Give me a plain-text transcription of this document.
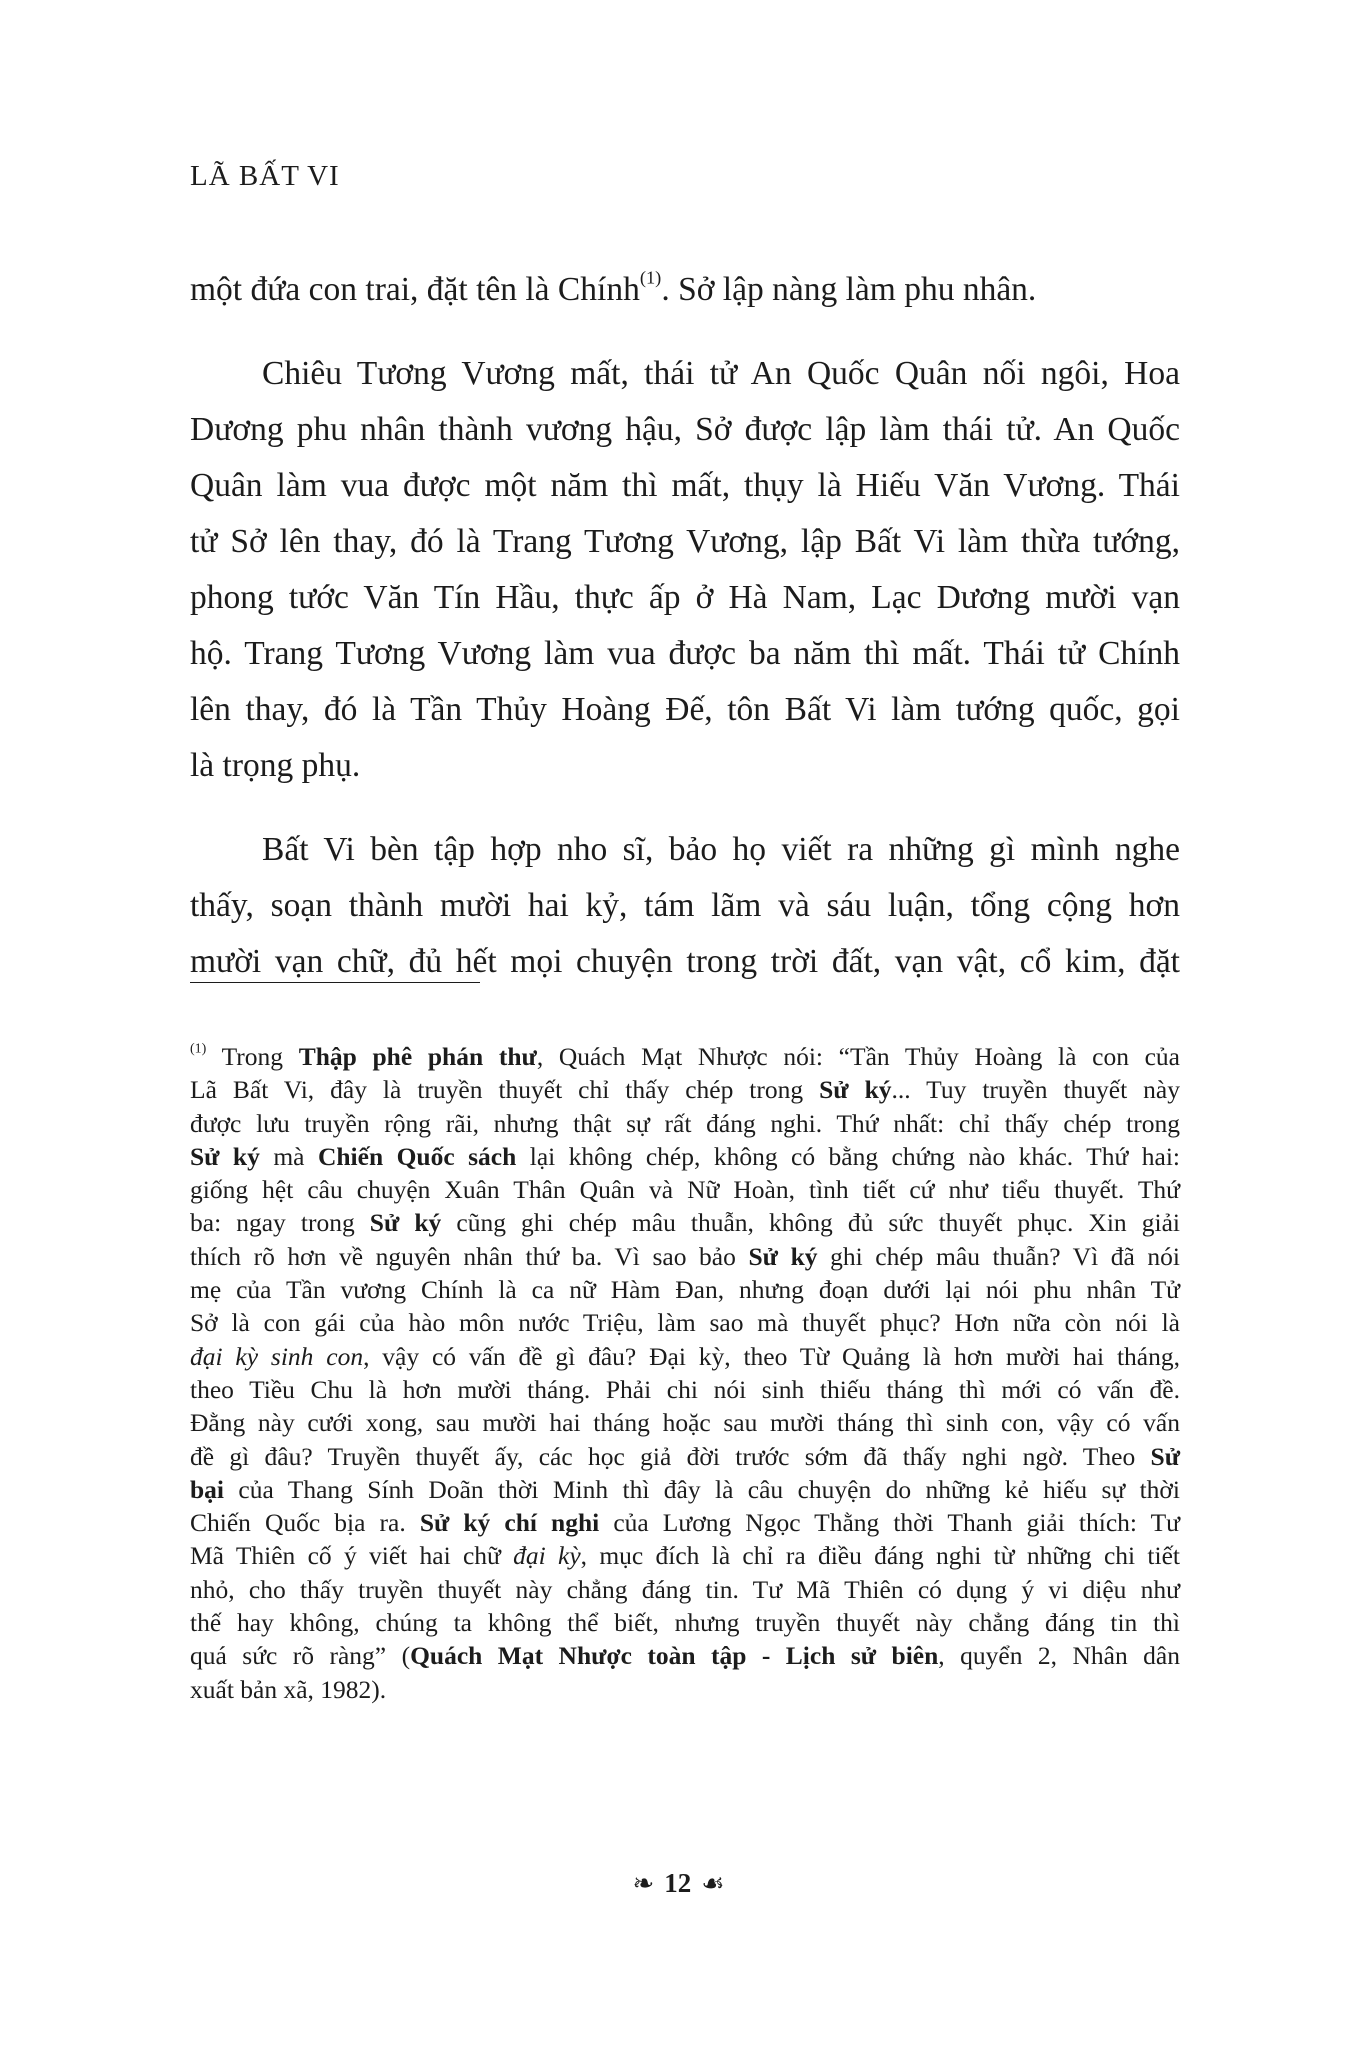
LÃ BẤT VI
một đứa con trai, đặt tên là Chính$^{(1)}$. Sở lập nàng làm phu nhân.
Chiêu Tương Vương mất, thái tử An Quốc Quân nối ngôi, Hoa
Dương phu nhân thành vương hậu, Sở được lập làm thái tử. An Quốc
Quân làm vua được một năm thì mất, thụy là Hiếu Văn Vương. Thái
tử Sở lên thay, đó là Trang Tương Vương, lập Bất Vi làm thừa tướng,
phong tước Văn Tín Hầu, thực ấp ở Hà Nam, Lạc Dương mười vạn
hộ. Trang Tương Vương làm vua được ba năm thì mất. Thái tử Chính
lên thay, đó là Tần Thủy Hoàng Đế, tôn Bất Vi làm tướng quốc, gọi
là trọng phụ.
Bất Vi bèn tập hợp nho sĩ, bảo họ viết ra những gì mình nghe
thấy, soạn thành mười hai kỷ, tám lãm và sáu luận, tổng cộng hơn
mười vạn chữ, đủ hết mọi chuyện trong trời đất, vạn vật, cổ kim, đặt
$^{(1)}$ Trong Thập phê phán thư, Quách Mạt Nhược nói: “Tần Thủy Hoàng là con của
Lã Bất Vi, đây là truyền thuyết chỉ thấy chép trong Sử ký... Tuy truyền thuyết này
được lưu truyền rộng rãi, nhưng thật sự rất đáng nghi. Thứ nhất: chỉ thấy chép trong
Sử ký mà Chiến Quốc sách lại không chép, không có bằng chứng nào khác. Thứ hai:
giống hệt câu chuyện Xuân Thân Quân và Nữ Hoàn, tình tiết cứ như tiểu thuyết. Thứ
ba: ngay trong Sử ký cũng ghi chép mâu thuẫn, không đủ sức thuyết phục. Xin giải
thích rõ hơn về nguyên nhân thứ ba. Vì sao bảo Sử ký ghi chép mâu thuẫn? Vì đã nói
mẹ của Tần vương Chính là ca nữ Hàm Đan, nhưng đoạn dưới lại nói phu nhân Tử
Sở là con gái của hào môn nước Triệu, làm sao mà thuyết phục? Hơn nữa còn nói là
đại kỳ sinh con, vậy có vấn đề gì đâu? Đại kỳ, theo Từ Quảng là hơn mười hai tháng,
theo Tiều Chu là hơn mười tháng. Phải chi nói sinh thiếu tháng thì mới có vấn đề.
Đằng này cưới xong, sau mười hai tháng hoặc sau mười tháng thì sinh con, vậy có vấn
đề gì đâu? Truyền thuyết ấy, các học giả đời trước sớm đã thấy nghi ngờ. Theo Sử
bại của Thang Sính Doãn thời Minh thì đây là câu chuyện do những kẻ hiếu sự thời
Chiến Quốc bịa ra. Sử ký chí nghi của Lương Ngọc Thằng thời Thanh giải thích: Tư
Mã Thiên cố ý viết hai chữ đại kỳ, mục đích là chỉ ra điều đáng nghi từ những chi tiết
nhỏ, cho thấy truyền thuyết này chẳng đáng tin. Tư Mã Thiên có dụng ý vi diệu như
thế hay không, chúng ta không thể biết, nhưng truyền thuyết này chẳng đáng tin thì
quá sức rõ ràng” (Quách Mạt Nhược toàn tập - Lịch sử biên, quyển 2, Nhân dân
xuất bản xã, 1982).
❧ 12 ☙
